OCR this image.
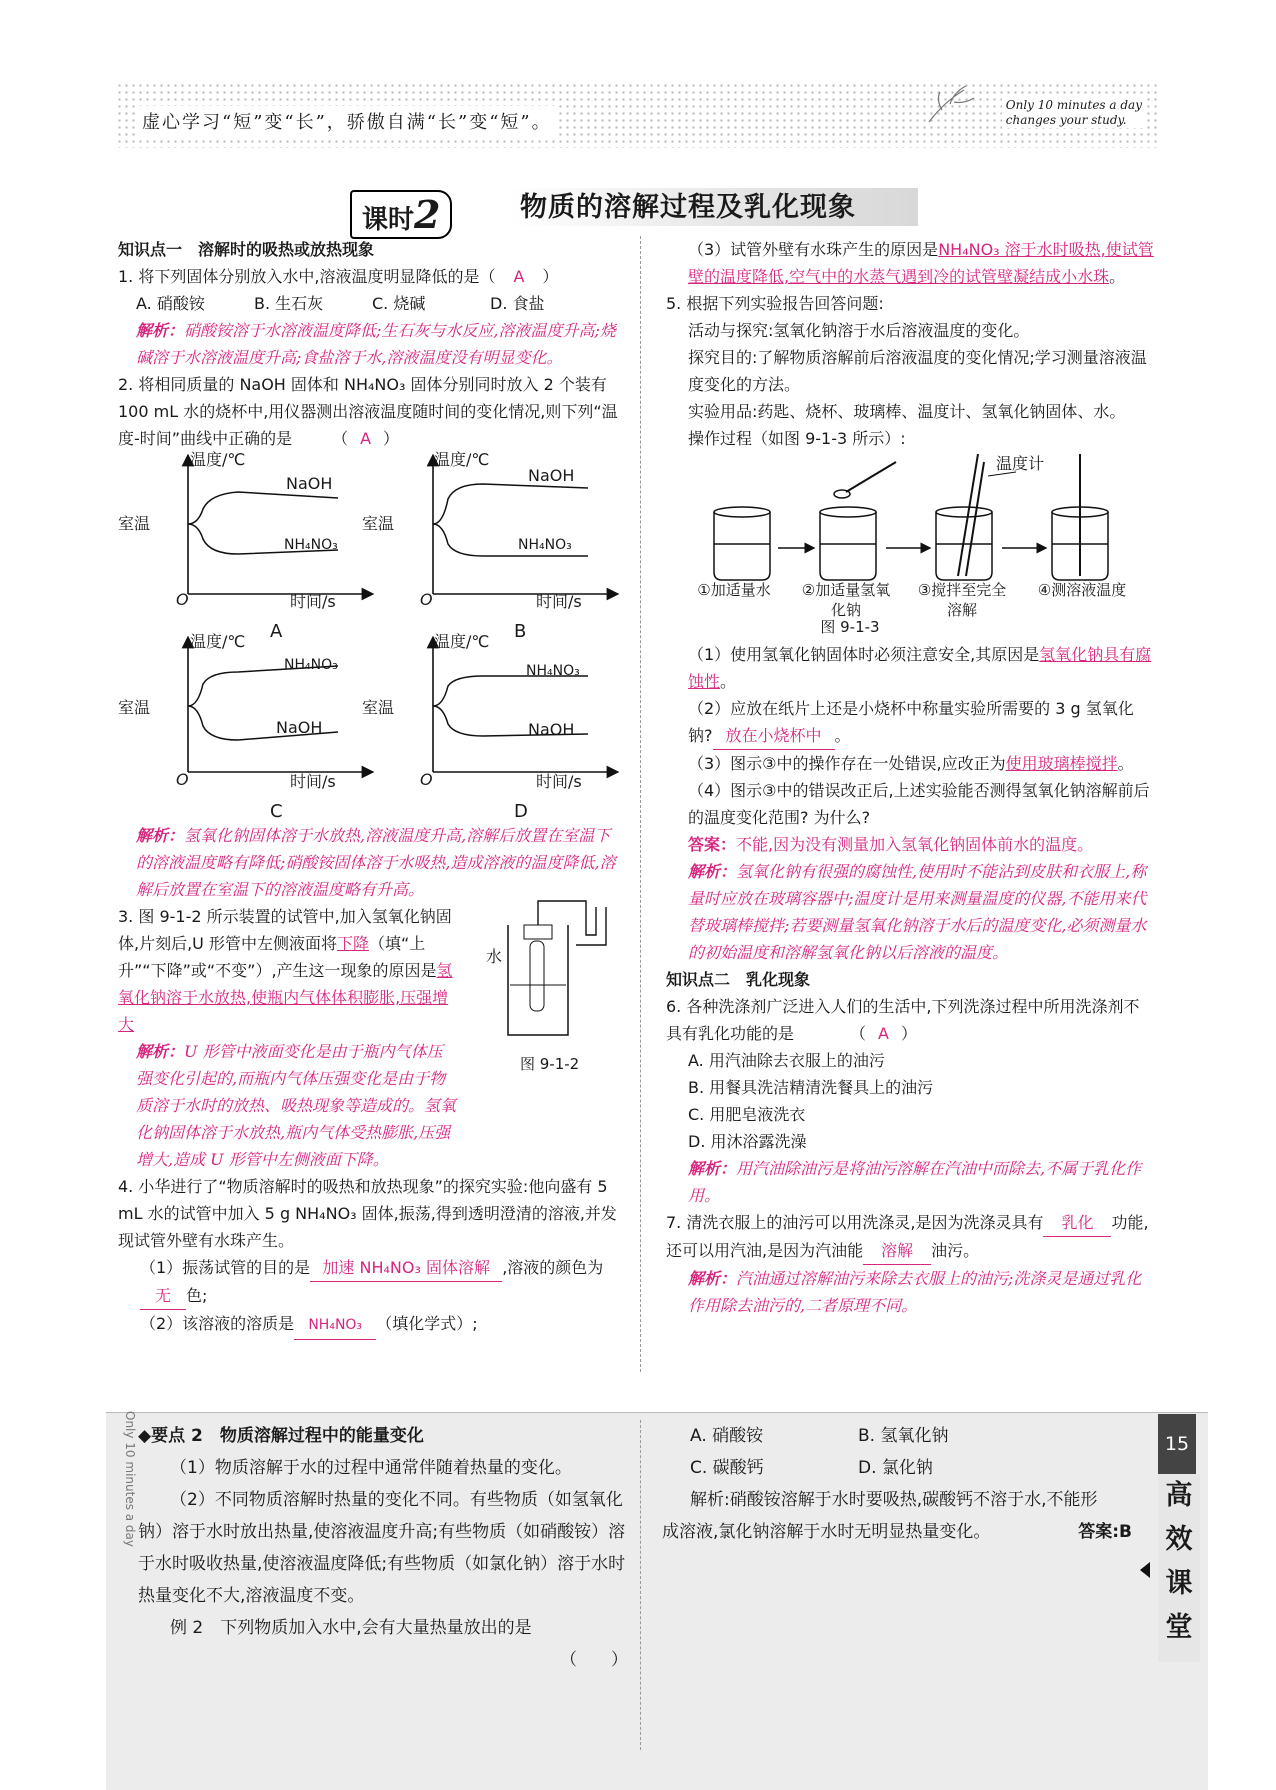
虚心学习“短”变“长”，骄傲自满“长”变“短”。
Only 10 minutes a day
changes your study.
课时2	物质的溶解过程及乳化现象

知识点一　溶解时的吸热或放热现象

1. 将下列固体分别放入水中,溶液温度明显降低的是（ A ）

A. 硝酸铵	B. 生石灰	C. 烧碱	D. 食盐

解析：硝酸铵溶于水溶液温度降低;生石灰与水反应,溶液温度升高;烧碱溶于水溶液温度升高;食盐溶于水,溶液温度没有明显变化。

2. 将相同质量的 NaOH 固体和 NH₄NO₃ 固体分别同时放入 2 个装有 100 mL 水的烧杯中,用仪器测出溶液温度随时间的变化情况,则下列“温度-时间”曲线中正确的是　　　（ A ）

温度/℃
NaOH
NH₄NO₃
室温
O	时间/s
A
温度/℃
NaOH
NH₄NO₃
室温
O	时间/s
B
温度/℃
NH₄NO₃
NaOH
室温
O	时间/s
C
温度/℃
NH₄NO₃
NaOH
室温
O	时间/s
D

解析：氢氧化钠固体溶于水放热,溶液温度升高,溶解后放置在室温下的溶液温度略有降低;硝酸铵固体溶于水吸热,造成溶液的温度降低,溶解后放置在室温下的溶液温度略有升高。

3. 图 9-1-2 所示装置的试管中,加入氢氧化钠固体,片刻后,U 形管中左侧液面将下降（填“上升”“下降”或“不变”）,产生这一现象的原因是氢氧化钠溶于水放热,使瓶内气体体积膨胀,压强增大

水
图 9-1-2

解析：U 形管中液面变化是由于瓶内气体压强变化引起的,而瓶内气体压强变化是由于物质溶于水时的放热、吸热现象等造成的。氢氧化钠固体溶于水放热,瓶内气体受热膨胀,压强增大,造成 U 形管中左侧液面下降。

4. 小华进行了“物质溶解时的吸热和放热现象”的探究实验:他向盛有 5 mL 水的试管中加入 5 g NH₄NO₃ 固体,振荡,得到透明澄清的溶液,并发现试管外壁有水珠产生。

（1）振荡试管的目的是 加速 NH₄NO₃ 固体溶解 ,溶液的颜色为无 色;

（2）该溶液的溶质是 NH₄NO₃ （填化学式）;

（3）试管外壁有水珠产生的原因是NH₄NO₃ 溶于水时吸热,使试管壁的温度降低,空气中的水蒸气遇到冷的试管壁凝结成小水珠。

5. 根据下列实验报告回答问题:

活动与探究:氢氧化钠溶于水后溶液温度的变化。

探究目的:了解物质溶解前后溶液温度的变化情况;学习测量溶液温度变化的方法。

实验用品:药匙、烧杯、玻璃棒、温度计、氢氧化钠固体、水。

操作过程（如图 9-1-3 所示）:

温度计
①加适量水	②加适量氢氧化钠
③搅拌至完全溶解
④测溶液温度

图 9-1-3

（1）使用氢氧化钠固体时必须注意安全,其原因是氢氧化钠具有腐蚀性。

（2）应放在纸片上还是小烧杯中称量实验所需要的 3 g 氢氧化钠? 放在小烧杯中 。

（3）图示③中的操作存在一处错误,应改正为使用玻璃棒搅拌。

（4）图示③中的错误改正后,上述实验能否测得氢氧化钠溶解前后的温度变化范围? 为什么?

答案：不能,因为没有测量加入氢氧化钠固体前水的温度。

解析：氢氧化钠有很强的腐蚀性,使用时不能沾到皮肤和衣服上,称量时应放在玻璃容器中;温度计是用来测量温度的仪器,不能用来代替玻璃棒搅拌;若要测量氢氧化钠溶于水后的温度变化,必须测量水的初始温度和溶解氢氧化钠以后溶液的温度。

知识点二　乳化现象

6. 各种洗涤剂广泛进入人们的生活中,下列洗涤过程中所用洗涤剂不具有乳化功能的是　　　　（ A ）

A. 用汽油除去衣服上的油污

B. 用餐具洗洁精清洗餐具上的油污

C. 用肥皂液洗衣

D. 用沐浴露洗澡

解析：用汽油除油污是将油污溶解在汽油中而除去,不属于乳化作用。

7. 清洗衣服上的油污可以用洗涤灵,是因为洗涤灵具有 乳化 功能,还可以用汽油,是因为汽油能 溶解 油污。

解析：汽油通过溶解油污来除去衣服上的油污;洗涤灵是通过乳化作用除去油污的,二者原理不同。

Only 10 minutes a day ◆要点 2　物质溶解过程中的能量变化

（1）物质溶解于水的过程中通常伴随着热量的变化。

（2）不同物质溶解时热量的变化不同。有些物质（如氢氧化钠）溶于水时放出热量,使溶液温度升高;有些物质（如硝酸铵）溶于水时吸收热量,使溶液温度降低;有些物质（如氯化钠）溶于水时热量变化不大,溶液温度不变。

例 2　下列物质加入水中,会有大量热量放出的是

（　　）

A. 硝酸铵	B. 氢氧化钠

C. 碳酸钙	D. 氯化钠

解析:硝酸铵溶解于水时要吸热,碳酸钙不溶于水,不能形成溶液,氯化钠溶解于水时无明显热量变化。	答案:B

15
高
效
课
堂
